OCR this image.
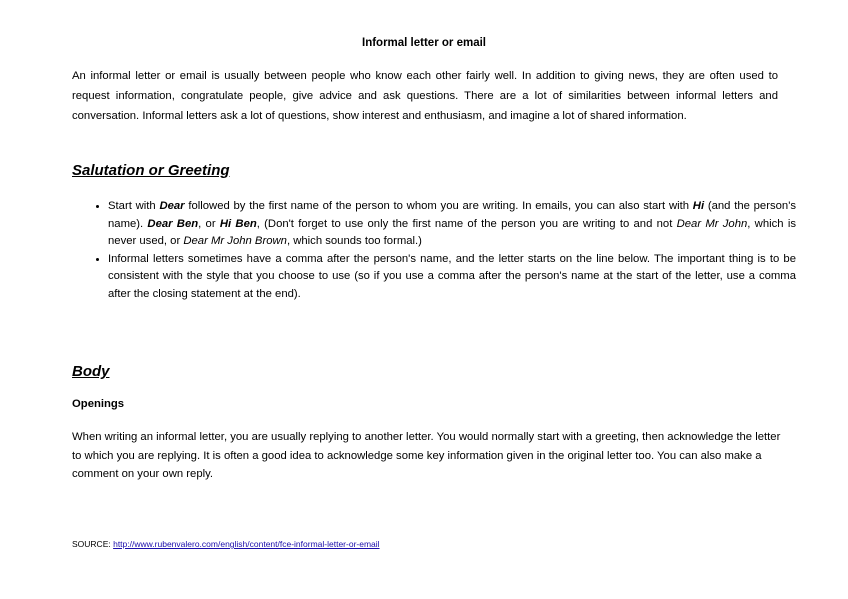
Informal letter or email
An informal letter or email is usually between people who know each other fairly well. In addition to giving news, they are often used to request information, congratulate people, give advice and ask questions. There are a lot of similarities between informal letters and conversation. Informal letters ask a lot of questions, show interest and enthusiasm, and imagine a lot of shared information.
Salutation or Greeting
• Start with Dear followed by the first name of the person to whom you are writing. In emails, you can also start with Hi (and the person's name). Dear Ben, or Hi Ben, (Don't forget to use only the first name of the person you are writing to and not Dear Mr John, which is never used, or Dear Mr John Brown, which sounds too formal.)
• Informal letters sometimes have a comma after the person's name, and the letter starts on the line below. The important thing is to be consistent with the style that you choose to use (so if you use a comma after the person's name at the start of the letter, use a comma after the closing statement at the end).
Body
Openings
When writing an informal letter, you are usually replying to another letter. You would normally start with a greeting, then acknowledge the letter to which you are replying. It is often a good idea to acknowledge some key information given in the original letter too. You can also make a comment on your own reply.
SOURCE: http://www.rubenvalero.com/english/content/fce-informal-letter-or-email
